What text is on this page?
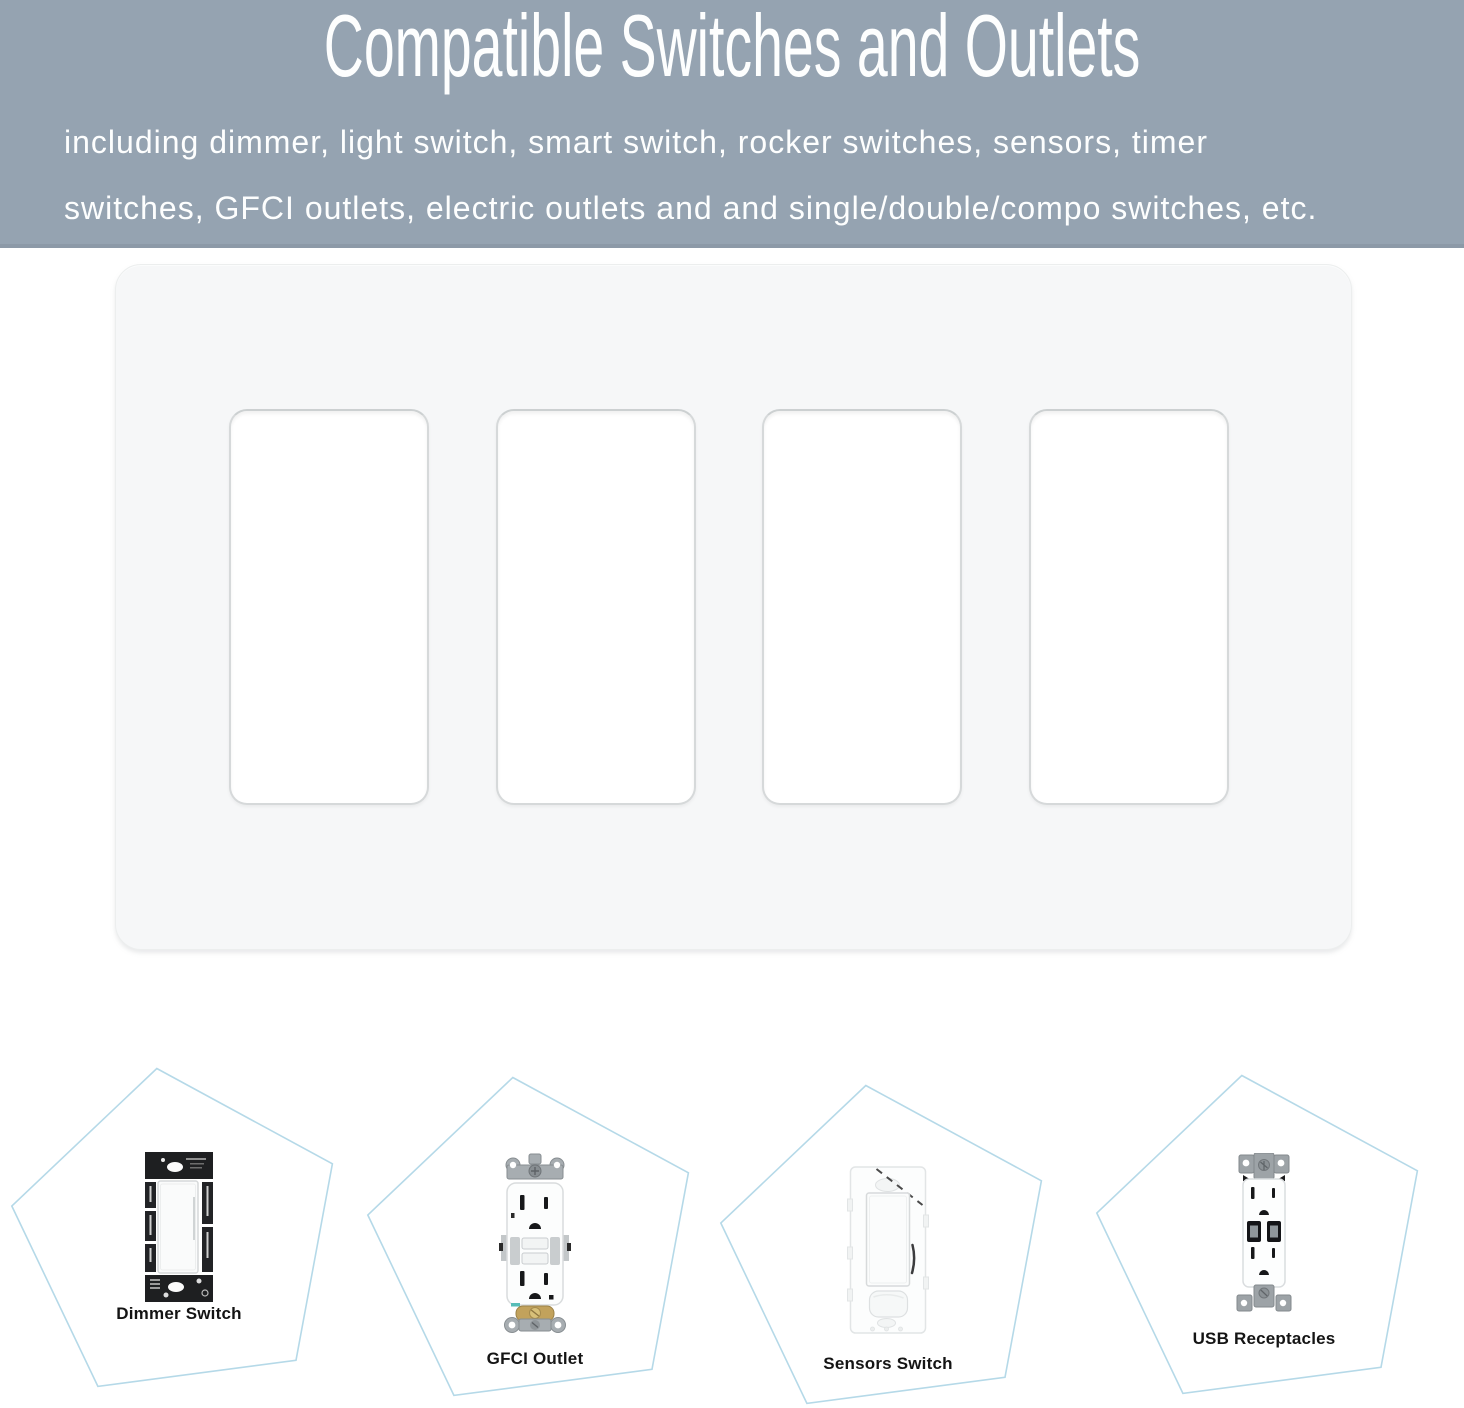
Compatible Switches and Outlets

including dimmer, light switch, smart switch, rocker switches, sensors, timer

switches, GFCI outlets, electric outlets and and single/double/compo switches, etc.

Dimmer Switch
GFCI Outlet	Sensors Switch
USB Receptacles
